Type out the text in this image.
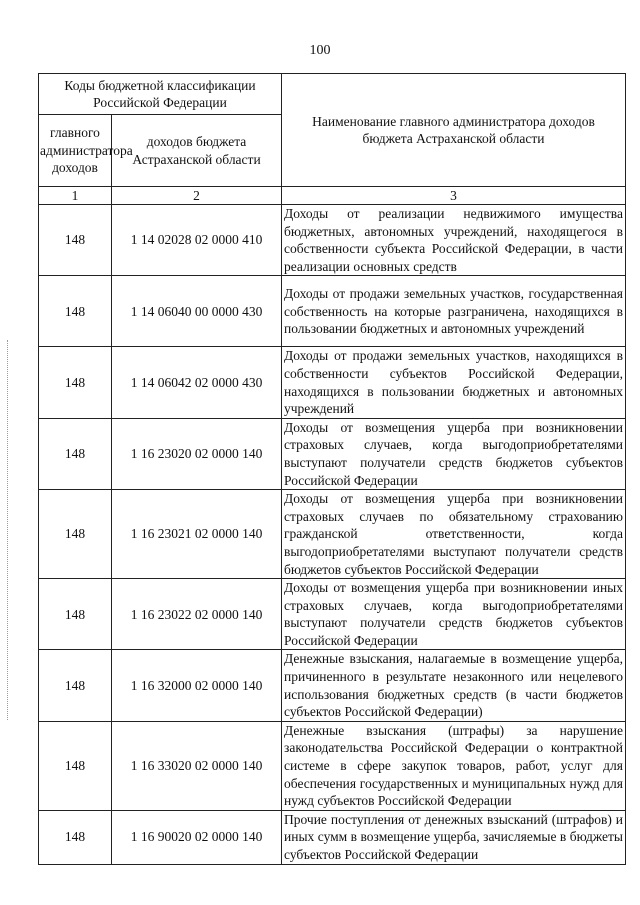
100
Коды бюджетной классификации Российской Федерации		Наименование главного администратора доходов бюджета Астраханской области
главного администратора доходов	доходов бюджета Астраханской области	
1	2	3
148	1 14 02028 02 0000 410	Доходы от реализации недвижимого имущества бюджетных, автономных учреждений, находящегося в собственности субъекта Российской Федерации, в части реализации основных средств
148	1 14 06040 00 0000 430	Доходы от продажи земельных участков, государственная собственность на которые разграничена, находящихся в пользовании бюджетных и автономных учреждений
148	1 14 06042 02 0000 430	Доходы от продажи земельных участков, находящихся в собственности субъектов Российской Федерации, находящихся в пользовании бюджетных и автономных учреждений
148	1 16 23020 02 0000 140	Доходы от возмещения ущерба при возникновении страховых случаев, когда выгодоприобретателями выступают получатели средств бюджетов субъектов Российской Федерации
148	1 16 23021 02 0000 140	Доходы от возмещения ущерба при возникновении страховых случаев по обязательному страхованию гражданской ответственности, когда выгодоприобретателями выступают получатели средств бюджетов субъектов Российской Федерации
148	1 16 23022 02 0000 140	Доходы от возмещения ущерба при возникновении иных страховых случаев, когда выгодоприобретателями выступают получатели средств бюджетов субъектов Российской Федерации
148	1 16 32000 02 0000 140	Денежные взыскания, налагаемые в возмещение ущерба, причиненного в результате незаконного или нецелевого использования бюджетных средств (в части бюджетов субъектов Российской Федерации)
148	1 16 33020 02 0000 140	Денежные взыскания (штрафы) за нарушение законодательства Российской Федерации о контрактной системе в сфере закупок товаров, работ, услуг для обеспечения государственных и муниципальных нужд для нужд субъектов Российской Федерации
148	1 16 90020 02 0000 140	Прочие поступления от денежных взысканий (штрафов) и иных сумм в возмещение ущерба, зачисляемые в бюджеты субъектов Российской Федерации
